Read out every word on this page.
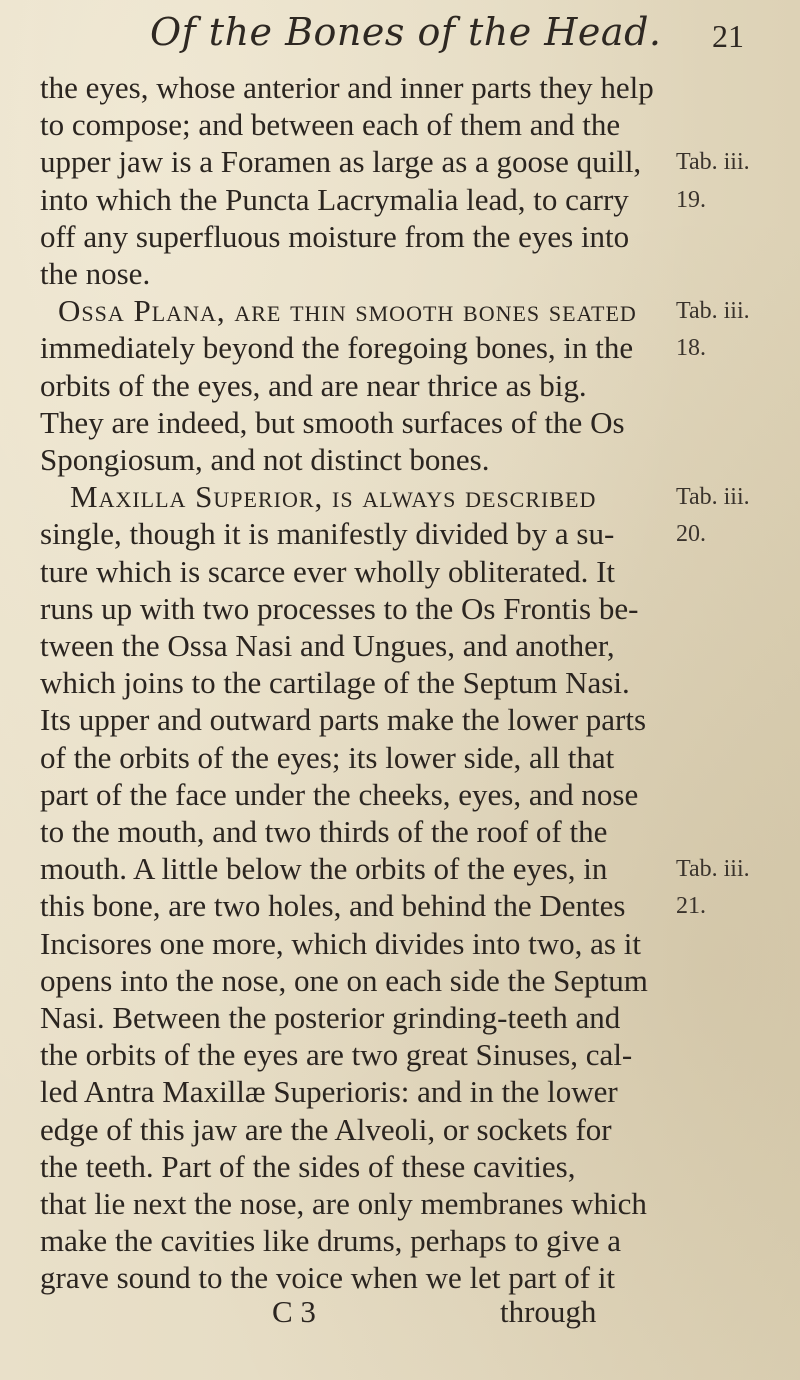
Of the Bones of the Head. 21
the eyes, whose anterior and inner parts they help
to compose; and between each of them and the
upper jaw is a Foramen as large as a goose quill,
into which the Puncta Lacrymalia lead, to carry
off any superfluous moisture from the eyes into
the nose.
Ossa Plana, are thin smooth bones seated
immediately beyond the foregoing bones, in the
orbits of the eyes, and are near thrice as big.
They are indeed, but smooth surfaces of the Os
Spongiosum, and not distinct bones.
Maxilla Superior, is always described
single, though it is manifestly divided by a su-
ture which is scarce ever wholly obliterated. It
runs up with two processes to the Os Frontis be-
tween the Ossa Nasi and Ungues, and another,
which joins to the cartilage of the Septum Nasi.
Its upper and outward parts make the lower parts
of the orbits of the eyes; its lower side, all that
part of the face under the cheeks, eyes, and nose
to the mouth, and two thirds of the roof of the
mouth. A little below the orbits of the eyes, in
this bone, are two holes, and behind the Dentes
Incisores one more, which divides into two, as it
opens into the nose, one on each side the Septum
Nasi. Between the posterior grinding-teeth and
the orbits of the eyes are two great Sinuses, cal-
led Antra Maxillæ Superioris: and in the lower
edge of this jaw are the Alveoli, or sockets for
the teeth. Part of the sides of these cavities,
that lie next the nose, are only membranes which
make the cavities like drums, perhaps to give a
grave sound to the voice when we let part of it
Tab. iii.
19.
Tab. iii.
18.
Tab. iii.
20.
Tab. iii.
21.
C 3	through
